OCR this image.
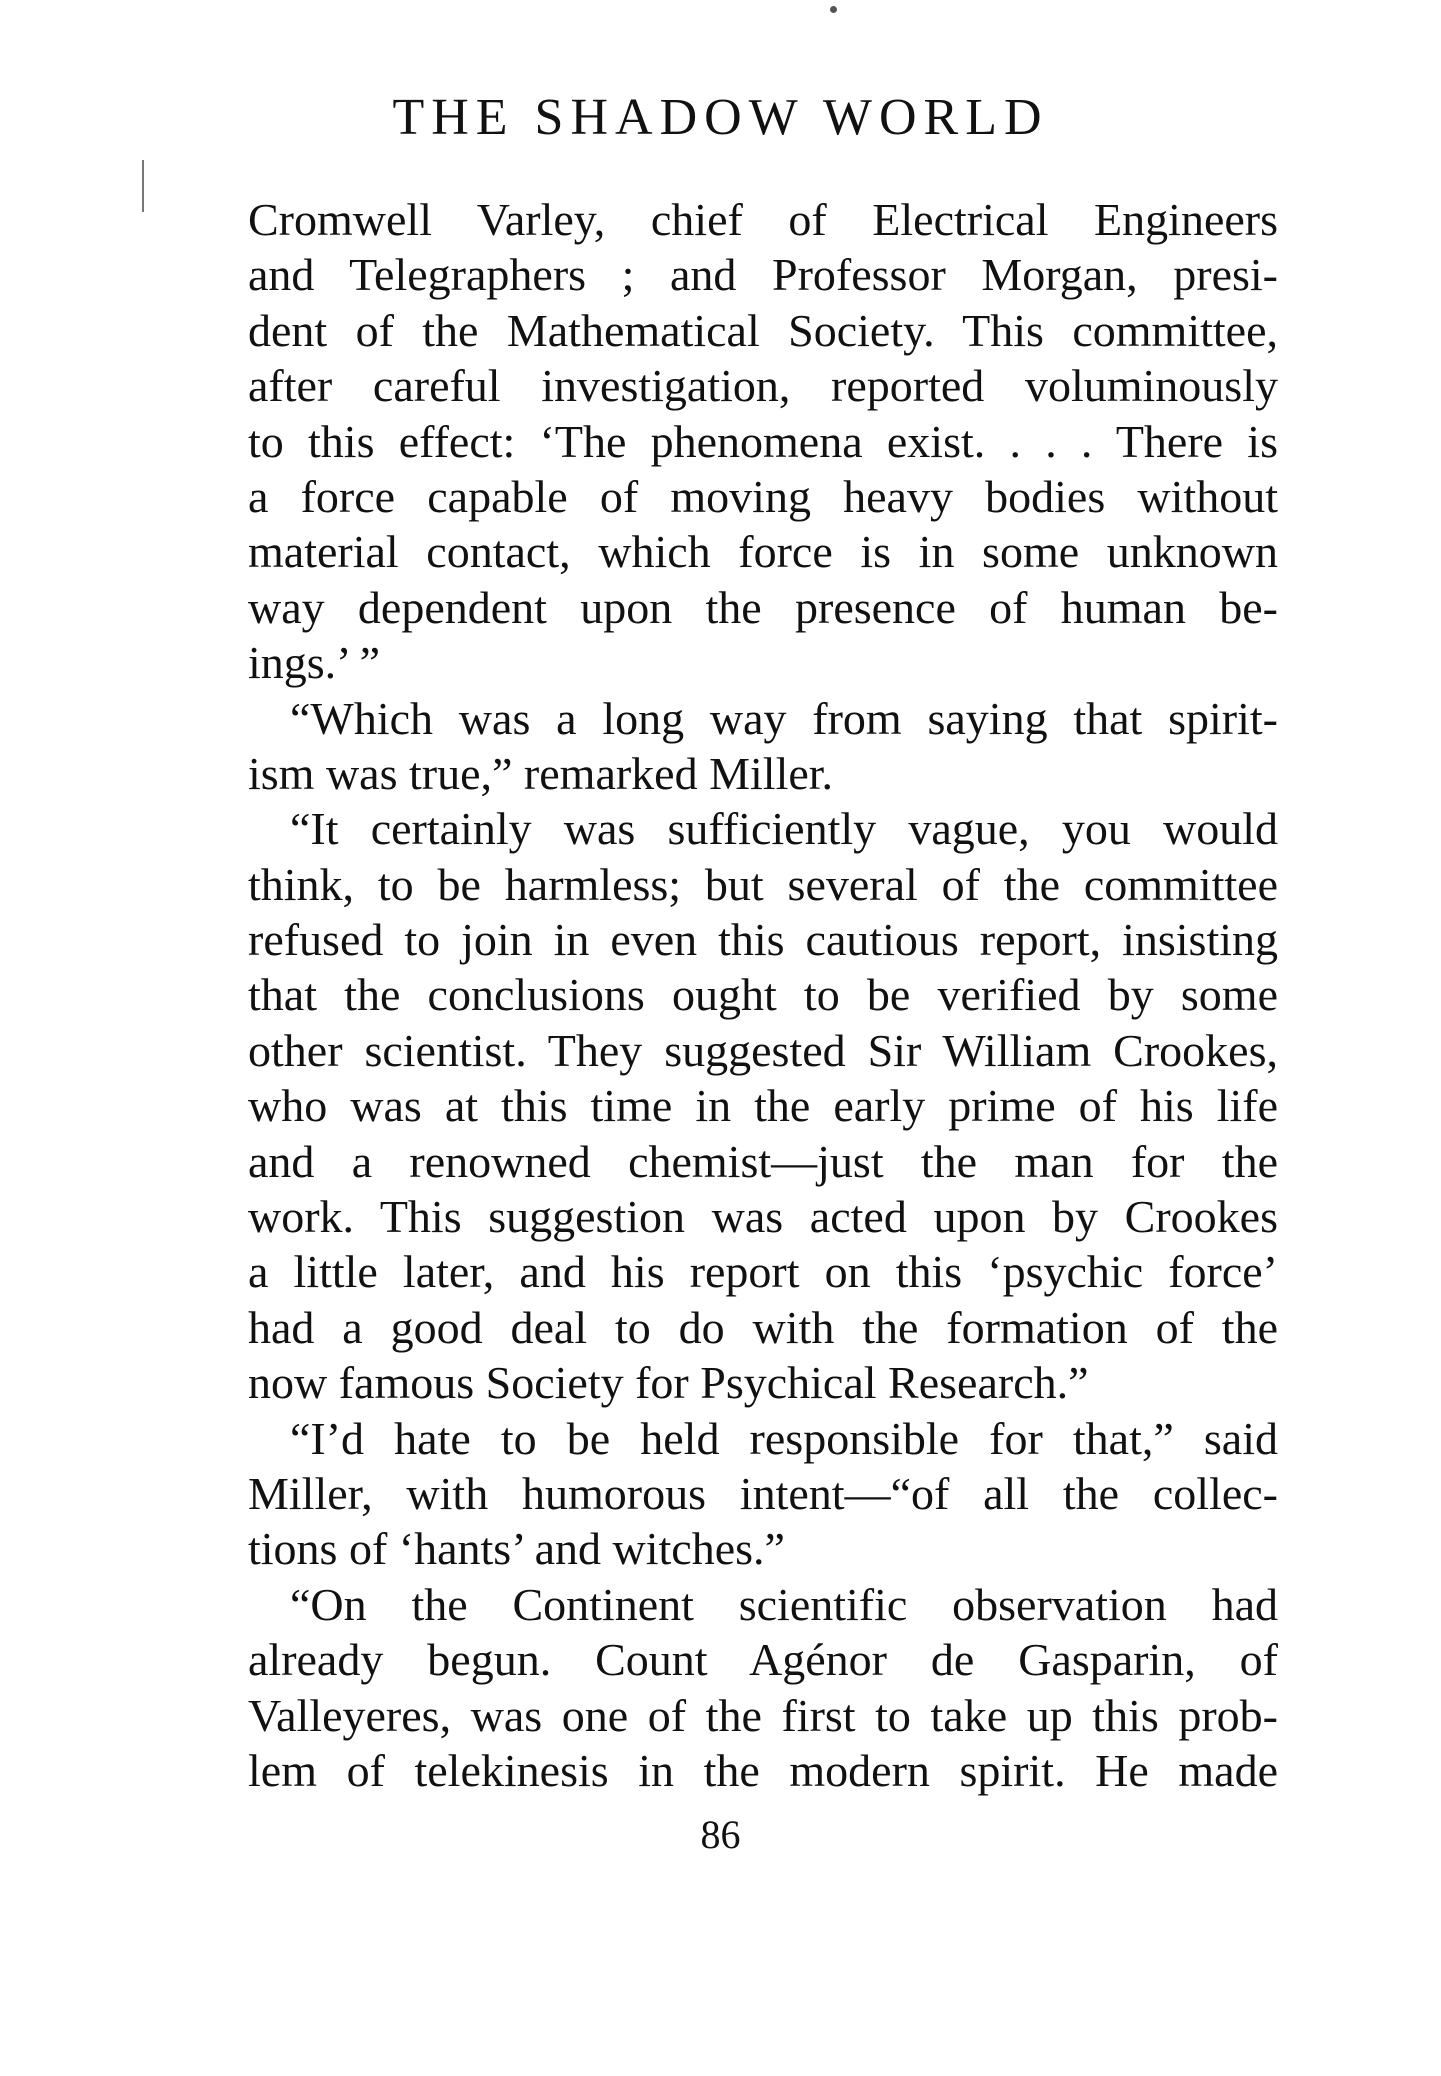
THE SHADOW WORLD
Cromwell Varley, chief of Electrical Engineers
and Telegraphers ; and Professor Morgan, presi-
dent of the Mathematical Society. This committee,
after careful investigation, reported voluminously
to this effect: ‘The phenomena exist. . . . There is
a force capable of moving heavy bodies without
material contact, which force is in some unknown
way dependent upon the presence of human be-
ings.’ ”
“Which was a long way from saying that spirit-
ism was true,” remarked Miller.
“It certainly was sufficiently vague, you would
think, to be harmless; but several of the committee
refused to join in even this cautious report, insisting
that the conclusions ought to be verified by some
other scientist. They suggested Sir William Crookes,
who was at this time in the early prime of his life
and a renowned chemist—just the man for the
work. This suggestion was acted upon by Crookes
a little later, and his report on this ‘psychic force’
had a good deal to do with the formation of the
now famous Society for Psychical Research.”
“I’d hate to be held responsible for that,” said
Miller, with humorous intent—“of all the collec-
tions of ‘hants’ and witches.”
“On the Continent scientific observation had
already begun. Count Agénor de Gasparin, of
Valleyeres, was one of the first to take up this prob-
lem of telekinesis in the modern spirit. He made
86
